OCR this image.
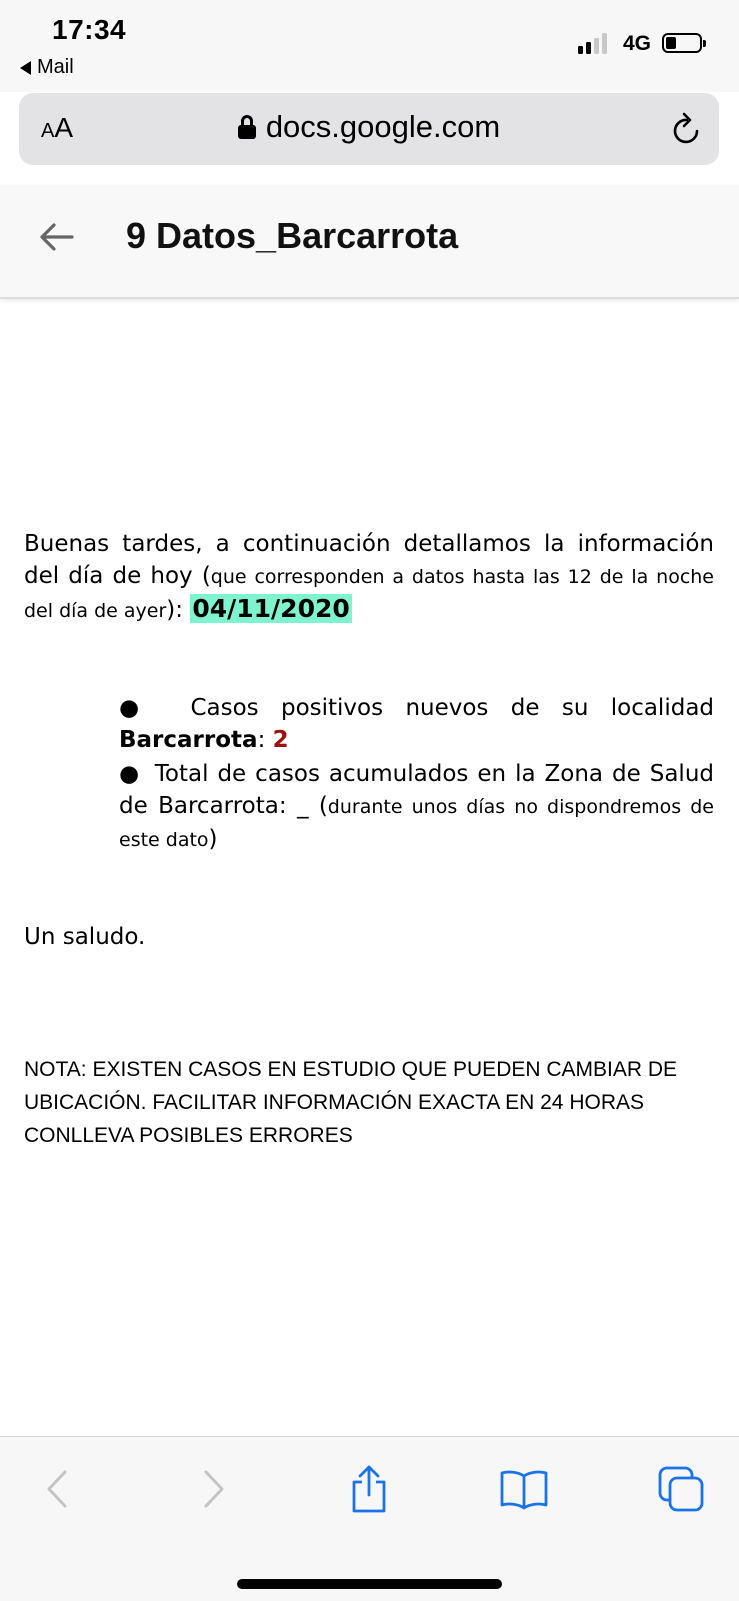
17:34
Mail
4G
A A	docs.google.com
9 Datos_Barcarrota
Buenas tardes, a continuación detallamos la información del día de hoy (que corresponden a datos hasta las 12 de la noche del día de ayer): 04/11/2020
● Casos positivos nuevos de su localidad Barcarrota: 2
● Total de casos acumulados en la Zona de Salud de Barcarrota: _ (durante unos días no dispondremos de este dato)
Un saludo.
NOTA: EXISTEN CASOS EN ESTUDIO QUE PUEDEN CAMBIAR DE UBICACIÓN. FACILITAR INFORMACIÓN EXACTA EN 24 HORAS CONLLEVA POSIBLES ERRORES
